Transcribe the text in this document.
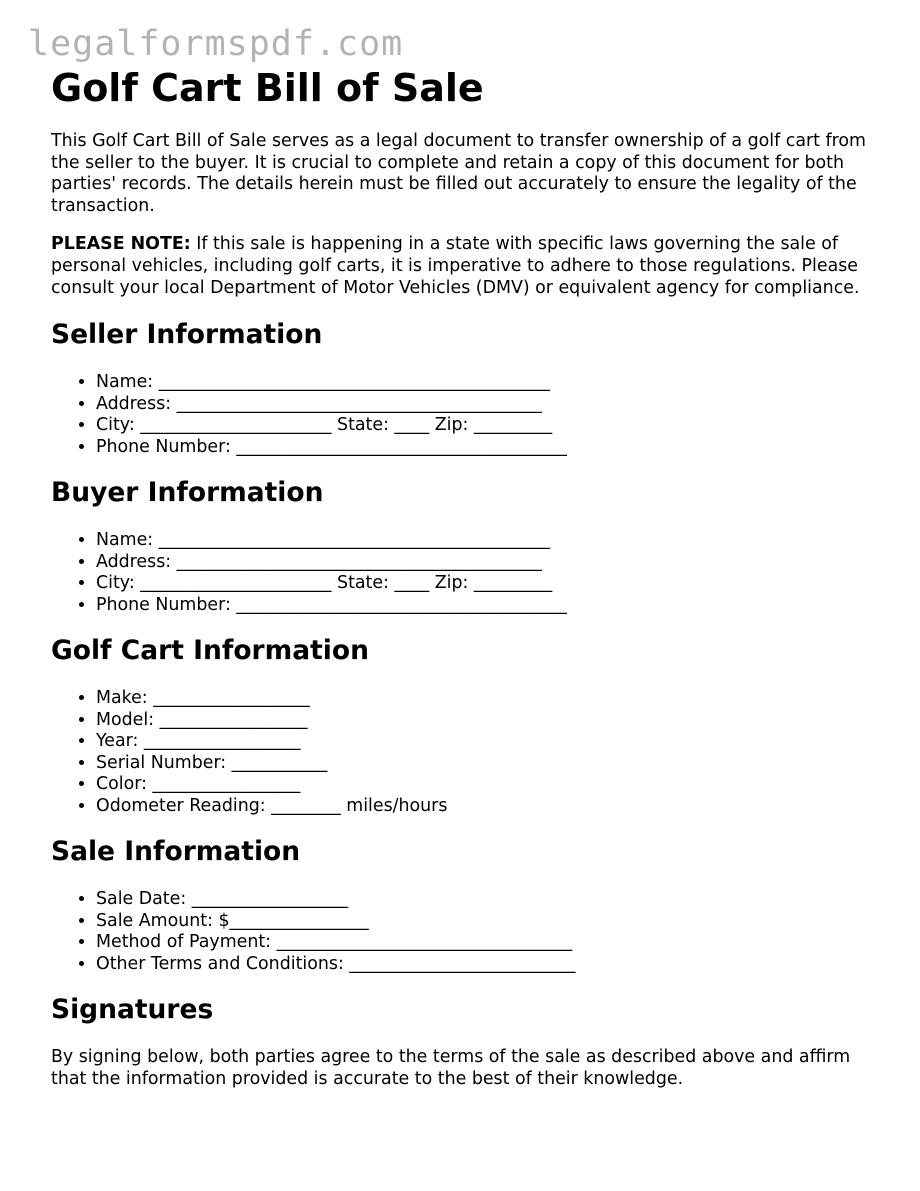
legalformspdf.com
Golf Cart Bill of Sale

This Golf Cart Bill of Sale serves as a legal document to transfer ownership of a golf cart from the seller to the buyer. It is crucial to complete and retain a copy of this document for both parties' records. The details herein must be filled out accurately to ensure the legality of the transaction.

PLEASE NOTE: If this sale is happening in a state with specific laws governing the sale of personal vehicles, including golf carts, it is imperative to adhere to those regulations. Please consult your local Department of Motor Vehicles (DMV) or equivalent agency for compliance.

Seller Information
• Name: _____________________________________________
• Address: __________________________________________
• City: ______________________ State: ____ Zip: _________
• Phone Number: ______________________________________
Buyer Information
• Name: _____________________________________________
• Address: __________________________________________
• City: ______________________ State: ____ Zip: _________
• Phone Number: ______________________________________
Golf Cart Information
• Make: __________________
• Model: _________________
• Year: __________________
• Serial Number: ___________
• Color: _________________
• Odometer Reading: ________ miles/hours
Sale Information
• Sale Date: __________________
• Sale Amount: $________________
• Method of Payment: __________________________________
• Other Terms and Conditions: __________________________
Signatures

By signing below, both parties agree to the terms of the sale as described above and affirm that the information provided is accurate to the best of their knowledge.
